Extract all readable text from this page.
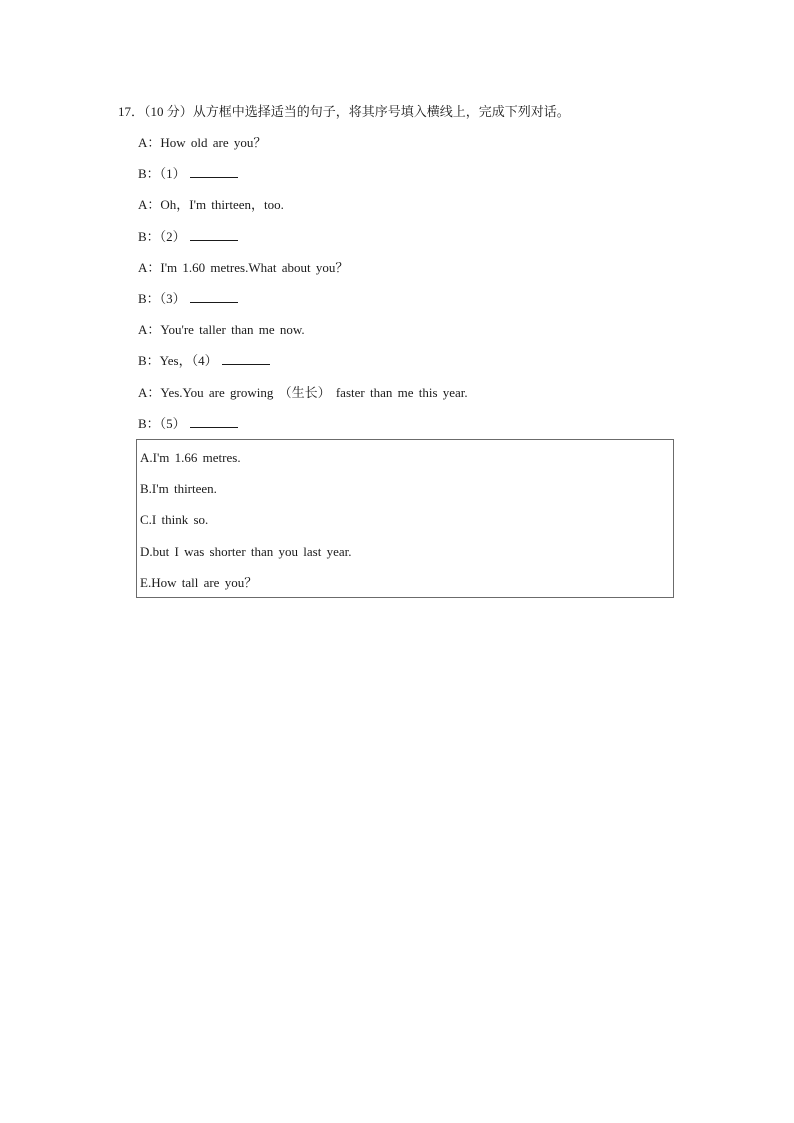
17．（10 分）从方框中选择适当的句子，将其序号填入横线上，完成下列对话。
A：How old are you？
B：（1）
A：Oh，I'm thirteen，too.
B：（2）
A：I'm 1.60 metres.What about you？
B：（3）
A：You're taller than me now.
B：Yes，（4）
A：Yes.You are growing （生长） faster than me this year.
B：（5）
A.I'm 1.66 metres.
B.I'm thirteen.
C.I think so.
D.but I was shorter than you last year.
E.How tall are you？
